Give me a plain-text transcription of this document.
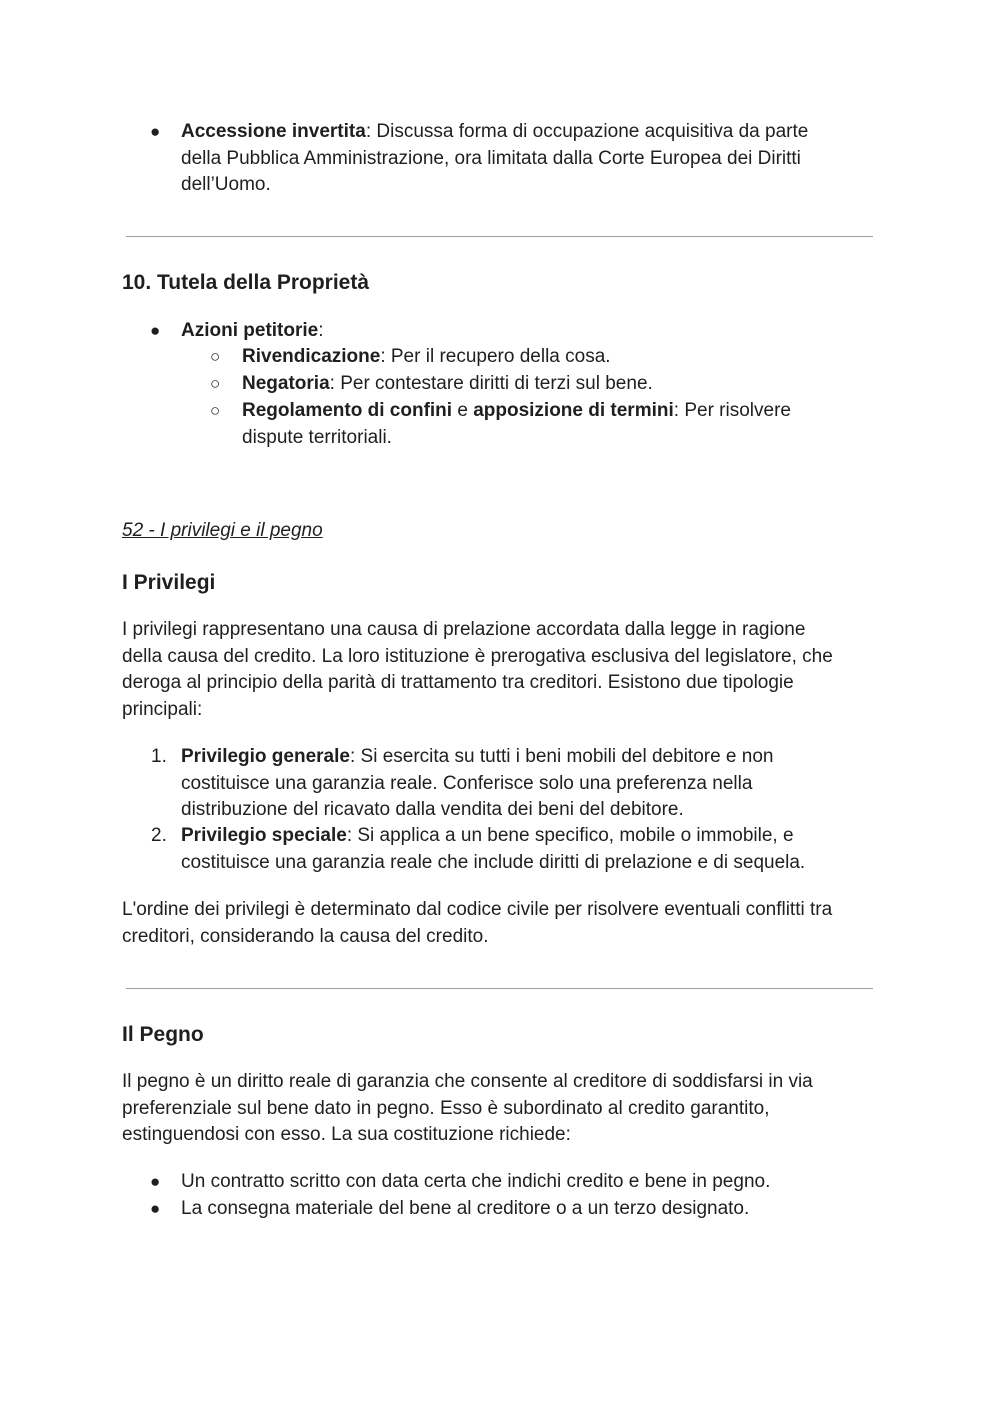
● Accessione invertita: Discussa forma di occupazione acquisitiva da parte
della Pubblica Amministrazione, ora limitata dalla Corte Europea dei Diritti
dell’Uomo.
10. Tutela della Proprietà
● Azioni petitorie:
○ Rivendicazione: Per il recupero della cosa.
○ Negatoria: Per contestare diritti di terzi sul bene.
○ Regolamento di confini e apposizione di termini: Per risolvere
dispute territoriali.
52 - I privilegi e il pegno
I Privilegi
I privilegi rappresentano una causa di prelazione accordata dalla legge in ragione
della causa del credito. La loro istituzione è prerogativa esclusiva del legislatore, che
deroga al principio della parità di trattamento tra creditori. Esistono due tipologie
principali:
1. Privilegio generale: Si esercita su tutti i beni mobili del debitore e non
costituisce una garanzia reale. Conferisce solo una preferenza nella
distribuzione del ricavato dalla vendita dei beni del debitore.
2. Privilegio speciale: Si applica a un bene specifico, mobile o immobile, e
costituisce una garanzia reale che include diritti di prelazione e di sequela.
L'ordine dei privilegi è determinato dal codice civile per risolvere eventuali conflitti tra
creditori, considerando la causa del credito.
Il Pegno
Il pegno è un diritto reale di garanzia che consente al creditore di soddisfarsi in via
preferenziale sul bene dato in pegno. Esso è subordinato al credito garantito,
estinguendosi con esso. La sua costituzione richiede:
● Un contratto scritto con data certa che indichi credito e bene in pegno.
● La consegna materiale del bene al creditore o a un terzo designato.
